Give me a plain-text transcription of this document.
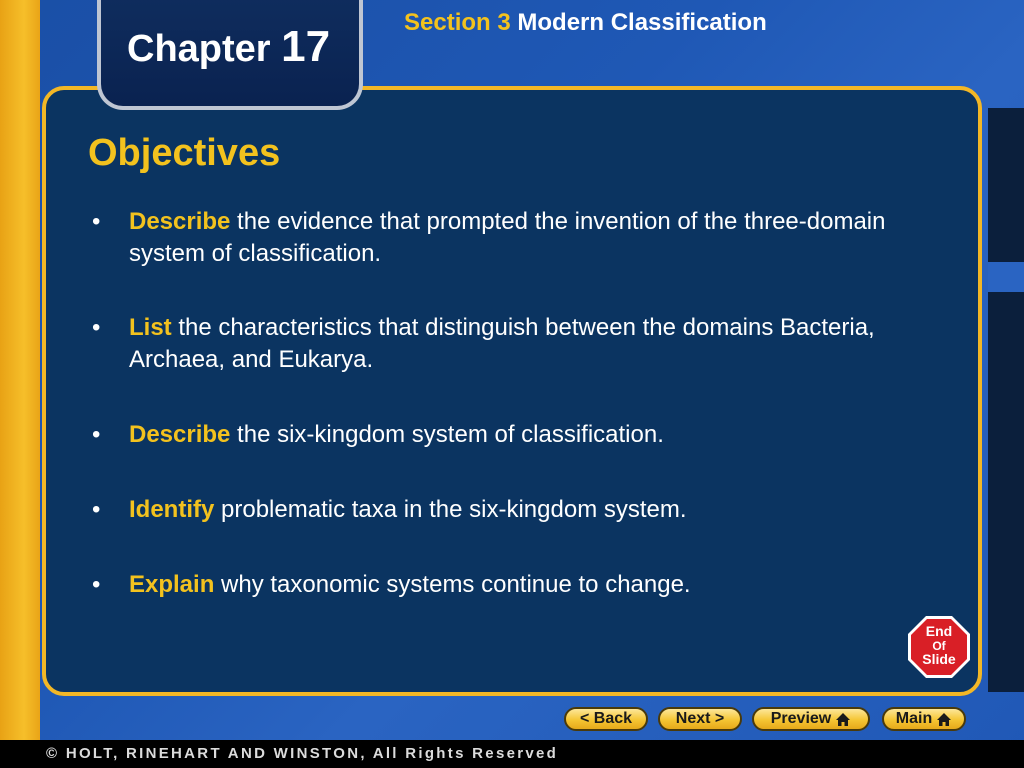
Chapter 17	Section 3 Modern Classification
Objectives
• Describe the evidence that prompted the invention of the three-domain system of classification.
• List the characteristics that distinguish between the domains Bacteria, Archaea, and Eukarya.
• Describe the six-kingdom system of classification.
• Identify problematic taxa in the six-kingdom system.
• Explain why taxonomic systems continue to change.
End
Of
Slide
< Back	Next >	Preview	Main
© HOLT, RINEHART AND WINSTON, All Rights Reserved
